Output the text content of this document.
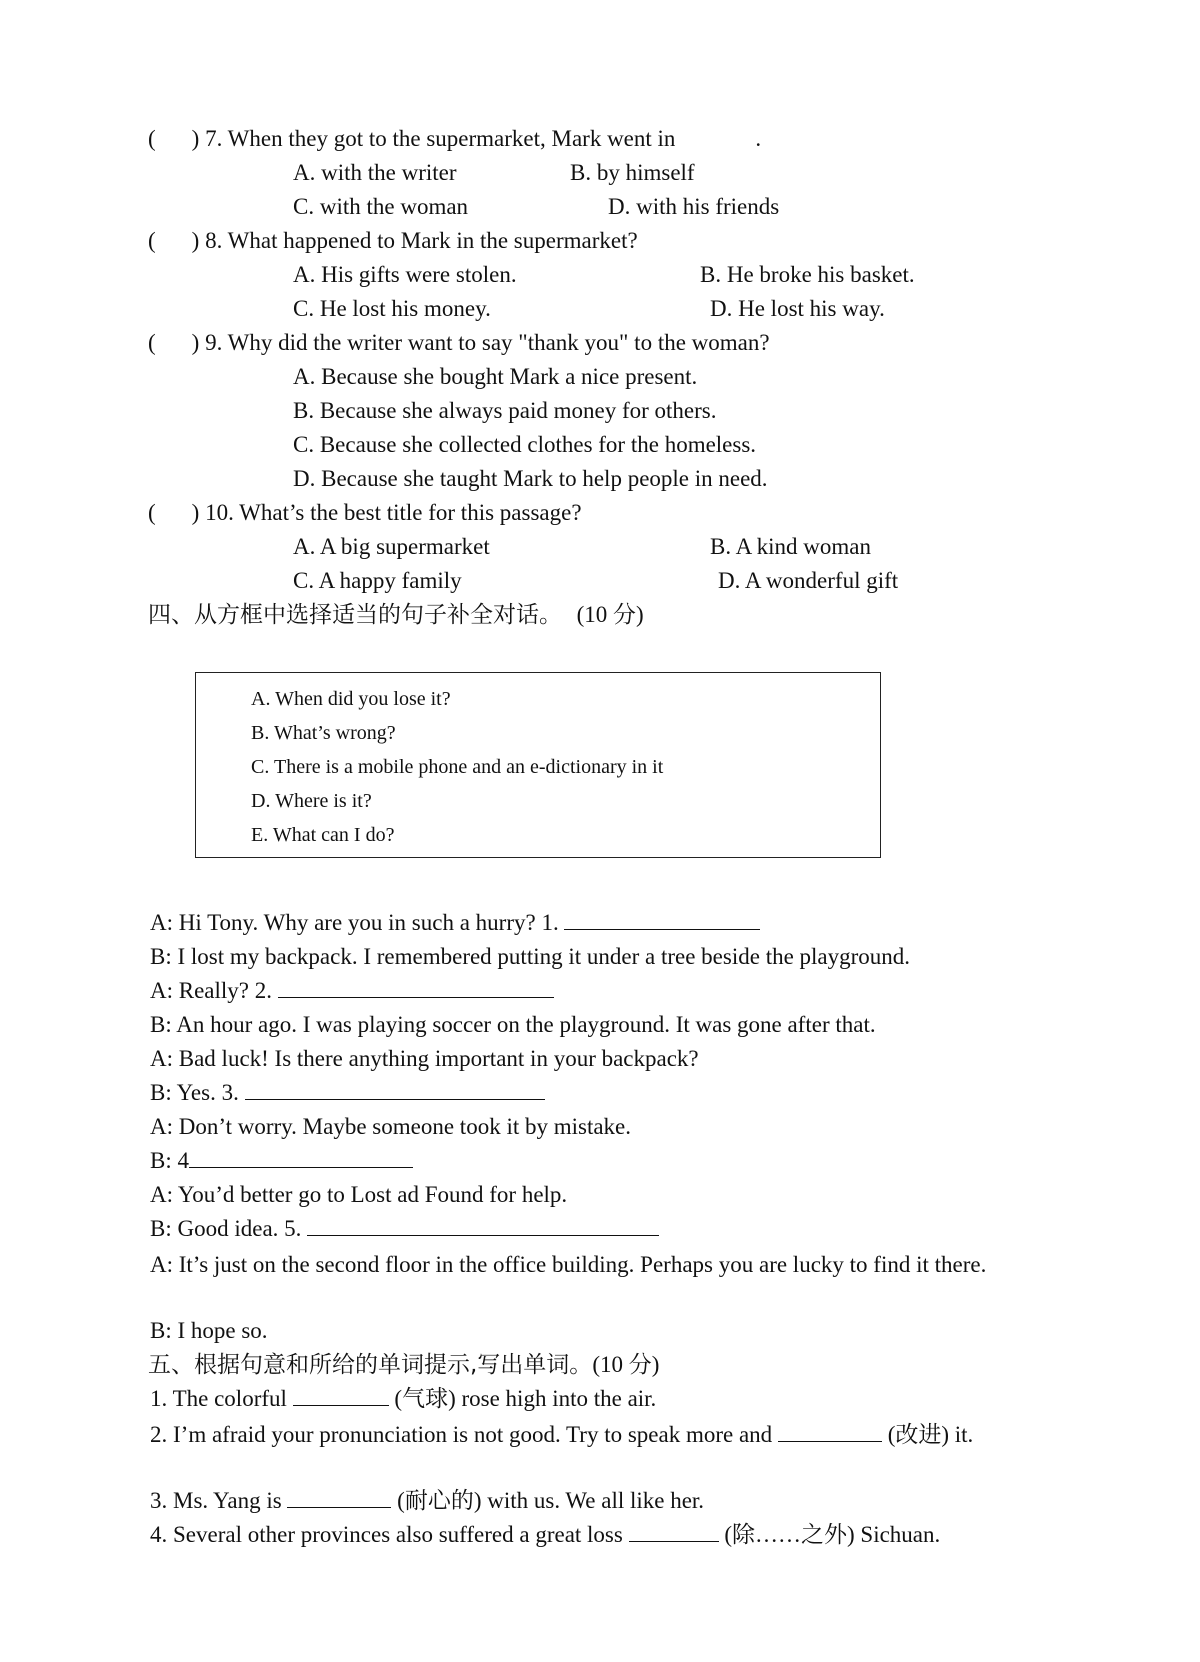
( ) 7. When they got to the supermarket, Mark went in	.
A. with the writer	B. by himself
C. with the woman	D. with his friends
( ) 8. What happened to Mark in the supermarket?
A. His gifts were stolen.	B. He broke his basket.
C. He lost his money.	D. He lost his way.
( ) 9. Why did the writer want to say "thank you" to the woman?
A. Because she bought Mark a nice present.
B. Because she always paid money for others.
C. Because she collected clothes for the homeless.
D. Because she taught Mark to help people in need.
( ) 10. What’s the best title for this passage?
A. A big supermarket	B. A kind woman
C. A happy family	D. A wonderful gift
四、从方框中选择适当的句子补全对话。 (10 分)
A. When did you lose it?
B. What’s wrong?
C. There is a mobile phone and an e-dictionary in it
D. Where is it?
E. What can I do?
A: Hi Tony. Why are you in such a hurry? 1.
B: I lost my backpack. I remembered putting it under a tree beside the playground.
A: Really? 2.
B: An hour ago. I was playing soccer on the playground. It was gone after that.
A: Bad luck! Is there anything important in your backpack?
B: Yes. 3.
A: Don’t worry. Maybe someone took it by mistake.
B: 4
A: You’d better go to Lost ad Found for help.
B: Good idea. 5.
A: It’s just on the second floor in the office building. Perhaps you are lucky to find it there.
B: I hope so.
五、根据句意和所给的单词提示,写出单词。(10 分)
1. The colorful	(气球) rose high into the air.
2. I’m afraid your pronunciation is not good. Try to speak more and	(改进) it.
3. Ms. Yang is	(耐心的) with us. We all like her.
4. Several other provinces also suffered a great loss	(除……之外) Sichuan.
